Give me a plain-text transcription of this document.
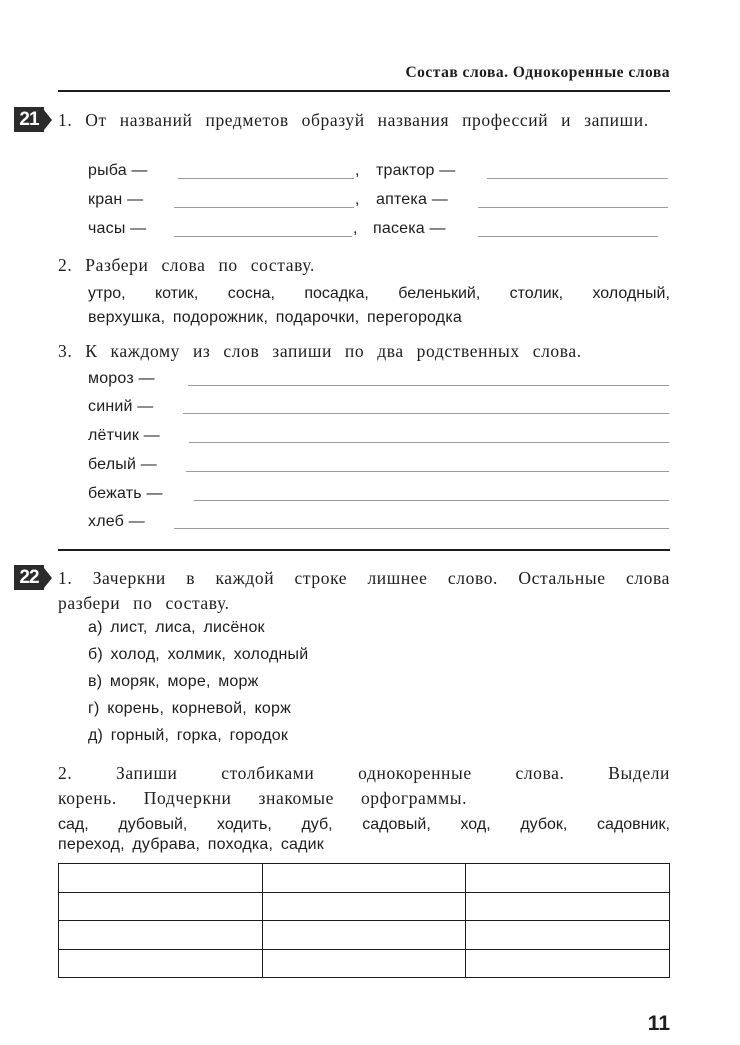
Состав слова. Однокоренные слова
21	1. От названий предметов образуй названия профессий и запиши.
рыба —	, трактор —
кран —	, аптека —
часы —	, пасека —
2. Разбери слова по составу.
утро, котик, сосна, посадка, беленький, столик, холодный,
верхушка, подорожник, подарочки, перегородка
3. К каждому из слов запиши по два родственных слова.
мороз —
синий —
лётчик —
белый —
бежать —
хлеб —
22	1. Зачеркни в каждой строке лишнее слово. Остальные слова разбери по составу.
а) лист, лиса, лисёнок
б) холод, холмик, холодный
в) моряк, море, морж
г) корень, корневой, корж
д) горный, горка, городок
2. Запиши столбиками однокоренные слова. Выдели корень. Подчеркни знакомые орфограммы.
сад, дубовый, ходить, дуб, садовый, ход, дубок, садовник,
переход, дубрава, походка, садик

11
